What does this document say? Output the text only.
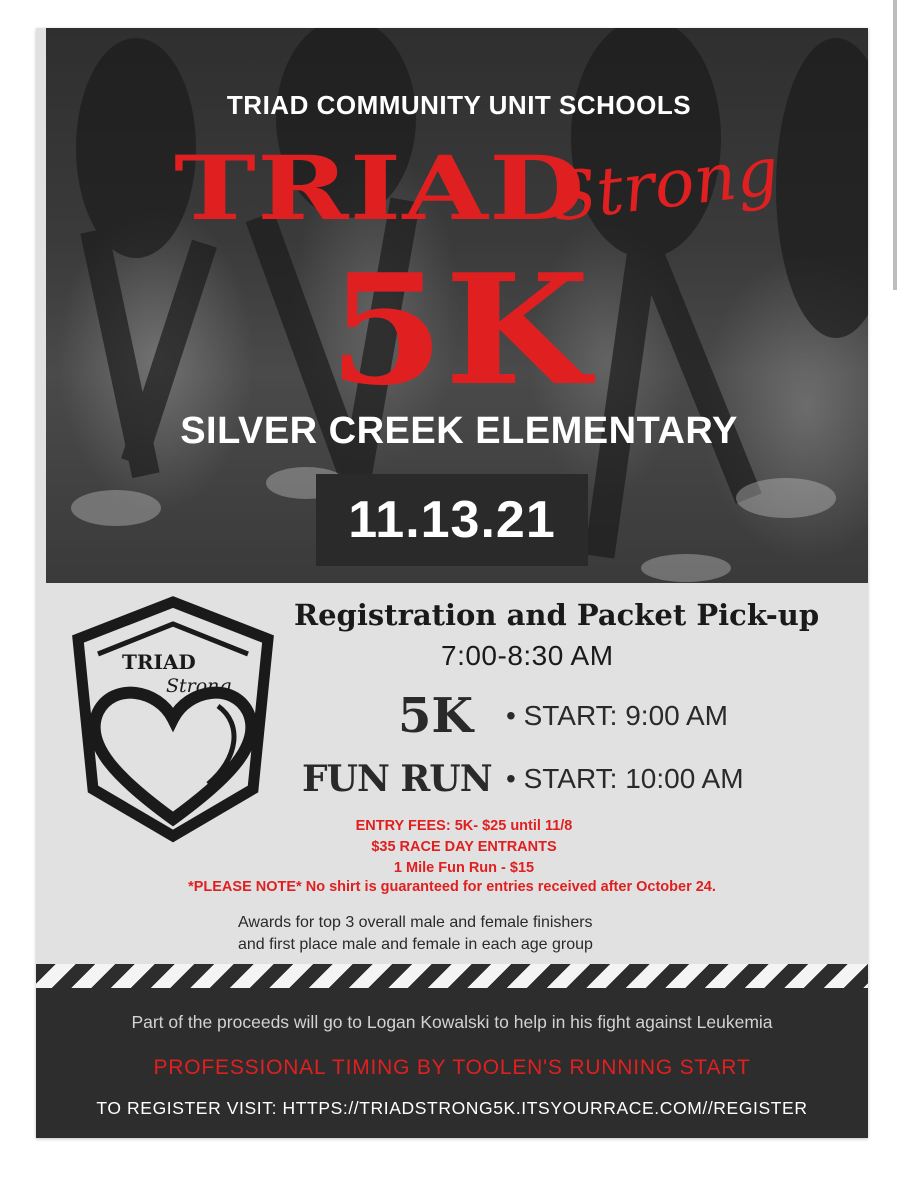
TRIAD COMMUNITY UNIT SCHOOLS
TRIAD
Strong
5K
SILVER CREEK ELEMENTARY
11.13.21
TRIAD
Strong
Registration and Packet Pick-up
7:00-8:30 AM
5K • START: 9:00 AM
FUN RUN • START: 10:00 AM
ENTRY FEES: 5K- $25 until 11/8
$35 RACE DAY ENTRANTS
1 Mile Fun Run - $15
*PLEASE NOTE* No shirt is guaranteed for entries received after October 24.
Awards for top 3 overall male and female finishers
and first place male and female in each age group
Part of the proceeds will go to Logan Kowalski to help in his fight against Leukemia
PROFESSIONAL TIMING BY TOOLEN'S RUNNING START
TO REGISTER VISIT: HTTPS://TRIADSTRONG5K.ITSYOURRACE.COM//REGISTER
